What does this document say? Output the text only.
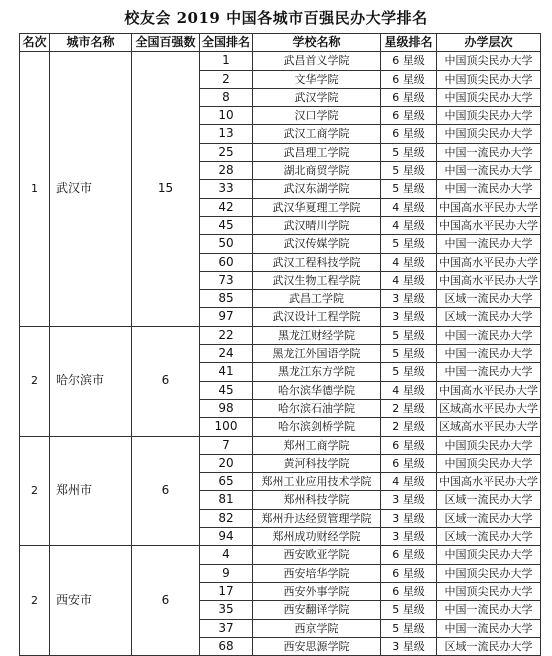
校友会 2019 中国各城市百强民办大学排名
名次	城市名称	全国百强数	全国排名	学校名称	星级排名	办学层次
1	武汉市	15	1	武昌首义学院	6 星级	中国顶尖民办大学
			2	文华学院	6 星级	中国顶尖民办大学
			8	武汉学院	6 星级	中国顶尖民办大学
			10	汉口学院	6 星级	中国顶尖民办大学
			13	武汉工商学院	6 星级	中国顶尖民办大学
			25	武昌理工学院	5 星级	中国一流民办大学
			28	湖北商贸学院	5 星级	中国一流民办大学
			33	武汉东湖学院	5 星级	中国一流民办大学
			42	武汉华夏理工学院	4 星级	中国高水平民办大学
			45	武汉晴川学院	4 星级	中国高水平民办大学
			50	武汉传媒学院	5 星级	中国一流民办大学
			60	武汉工程科技学院	4 星级	中国高水平民办大学
			73	武汉生物工程学院	4 星级	中国高水平民办大学
			85	武昌工学院	3 星级	区域一流民办大学
			97	武汉设计工程学院	3 星级	区域一流民办大学
2	哈尔滨市	6	22	黑龙江财经学院	5 星级	中国一流民办大学
			24	黑龙江外国语学院	5 星级	中国一流民办大学
			41	黑龙江东方学院	5 星级	中国一流民办大学
			45	哈尔滨华德学院	4 星级	中国高水平民办大学
			98	哈尔滨石油学院	2 星级	区域高水平民办大学
			100	哈尔滨剑桥学院	2 星级	区域高水平民办大学
2	郑州市	6	7	郑州工商学院	6 星级	中国顶尖民办大学
			20	黄河科技学院	6 星级	中国顶尖民办大学
			65	郑州工业应用技术学院	4 星级	中国高水平民办大学
			81	郑州科技学院	3 星级	区域一流民办大学
			82	郑州升达经贸管理学院	3 星级	区域一流民办大学
			94	郑州成功财经学院	3 星级	区域一流民办大学
2	西安市	6	4	西安欧亚学院	6 星级	中国顶尖民办大学
			9	西安培华学院	6 星级	中国顶尖民办大学
			17	西安外事学院	6 星级	中国顶尖民办大学
			35	西安翻译学院	5 星级	中国一流民办大学
			37	西京学院	5 星级	中国一流民办大学
			68	西安思源学院	3 星级	区域一流民办大学
